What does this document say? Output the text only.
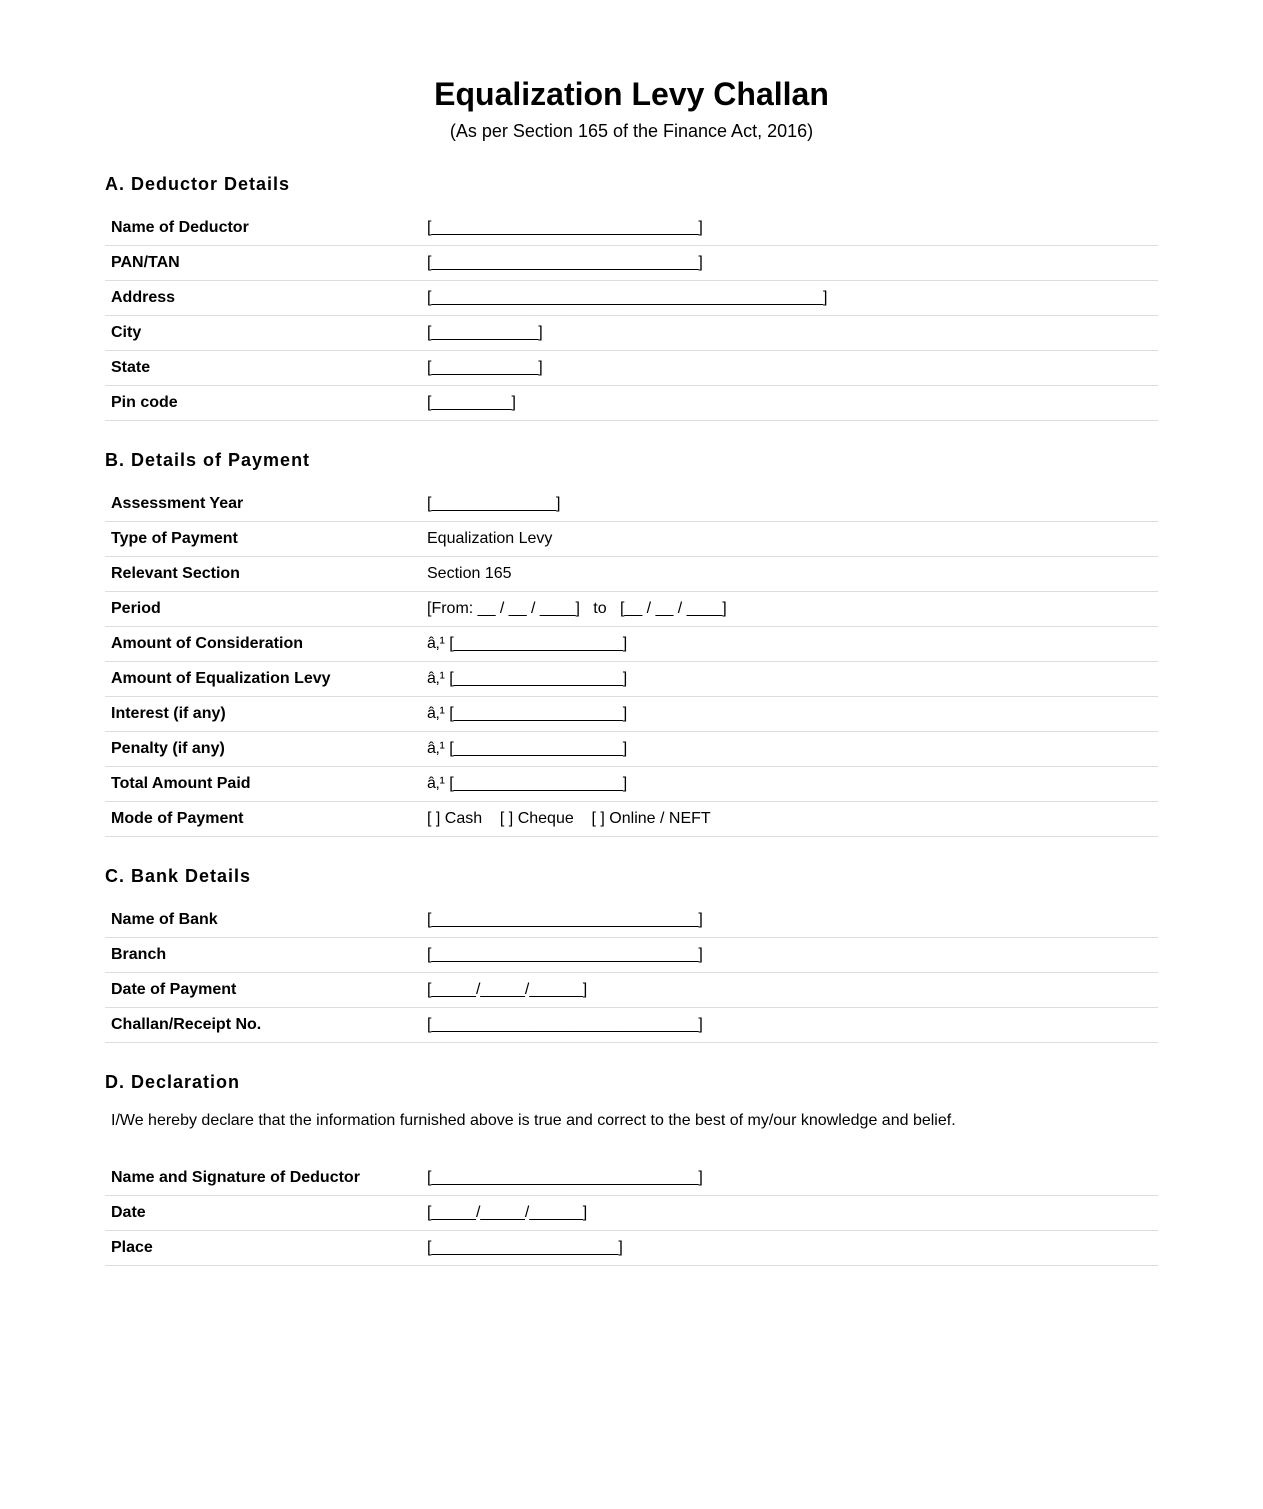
Equalization Levy Challan
(As per Section 165 of the Finance Act, 2016)
A. Deductor Details
Name of Deductor	[______________________________]
PAN/TAN	[______________________________]
Address	[____________________________________________]
City	[____________]
State	[____________]
Pin code	[_________]
B. Details of Payment
Assessment Year	[______________]
Type of Payment	Equalization Levy
Relevant Section	Section 165
Period	[From: __ / __ / ____]   to   [__ / __ / ____]
Amount of Consideration	â‚¹ [___________________]
Amount of Equalization Levy	â‚¹ [___________________]
Interest (if any)	â‚¹ [___________________]
Penalty (if any)	â‚¹ [___________________]
Total Amount Paid	â‚¹ [___________________]
Mode of Payment	[ ] Cash    [ ] Cheque    [ ] Online / NEFT
C. Bank Details
Name of Bank	[______________________________]
Branch	[______________________________]
Date of Payment	[_____/_____/______]
Challan/Receipt No.	[______________________________]
D. Declaration
I/We hereby declare that the information furnished above is true and correct to the best of my/our knowledge and belief.
Name and Signature of Deductor	[______________________________]
Date	[_____/_____/______]
Place	[_____________________]
